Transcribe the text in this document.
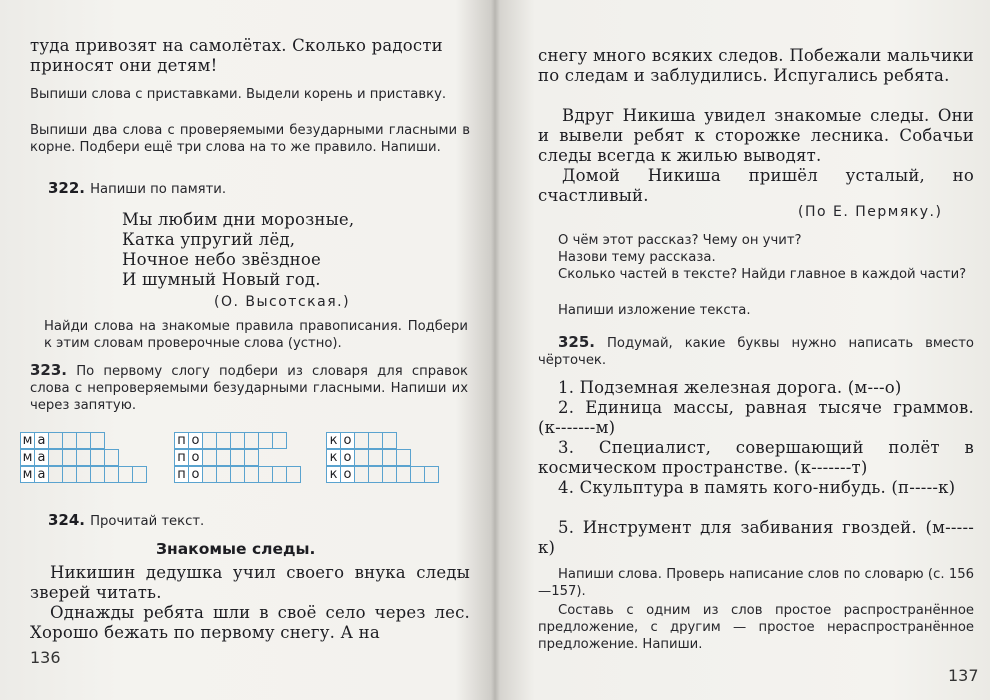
туда привозят на самолётах. Сколько радости
приносят они детям!
Выпиши слова с приставками. Выдели корень и приставку.
Выпиши два слова с проверяемыми безударными гласными в корне. Подбери ещё три слова на то же правило. Напиши.
322. Напиши по памяти.
Мы любим дни морозные,
Катка упругий лёд,
Ночное небо звёздное
И шумный Новый год.
(О. Высотская.)
Найди слова на знакомые правила правописания. Подбери к этим словам проверочные слова (устно).
323. По первому слогу подбери из словаря для справок слова с непроверяемыми безударными гласными. Напиши их через запятую.
м а
м а
м а
п о
п о
п о
к о
к о
к о
324. Прочитай текст.
Знакомые следы.
Никишин дедушка учил своего внука следы зверей читать.
Однажды ребята шли в своё село через лес. Хорошо бежать по первому снегу. А на
136
снегу много всяких следов. Побежали мальчики по следам и заблудились. Испугались ребята.
Вдруг Никиша увидел знакомые следы. Они и вывели ребят к сторожке лесника. Собачьи следы всегда к жилью выводят.
Домой Никиша пришёл усталый, но счастливый.
(По Е. Пермяку.)
О чём этот рассказ? Чему он учит?
Назови тему рассказа.
Сколько частей в тексте? Найди главное в каждой части?
Напиши изложение текста.
325. Подумай, какие буквы нужно написать вместо чёрточек.
1. Подземная железная дорога. (м---о)
2. Единица массы, равная тысяче граммов. (к-------м)
3. Специалист, совершающий полёт в космическом пространстве. (к-------т)
4. Скульптура в память кого-нибудь. (п-----к)
5. Инструмент для забивания гвоздей. (м-----к)
Напиши слова. Проверь написание слов по словарю (с. 156—157).
Составь с одним из слов простое распространённое предложение, с другим — простое нераспространённое предложение. Напиши.
137
